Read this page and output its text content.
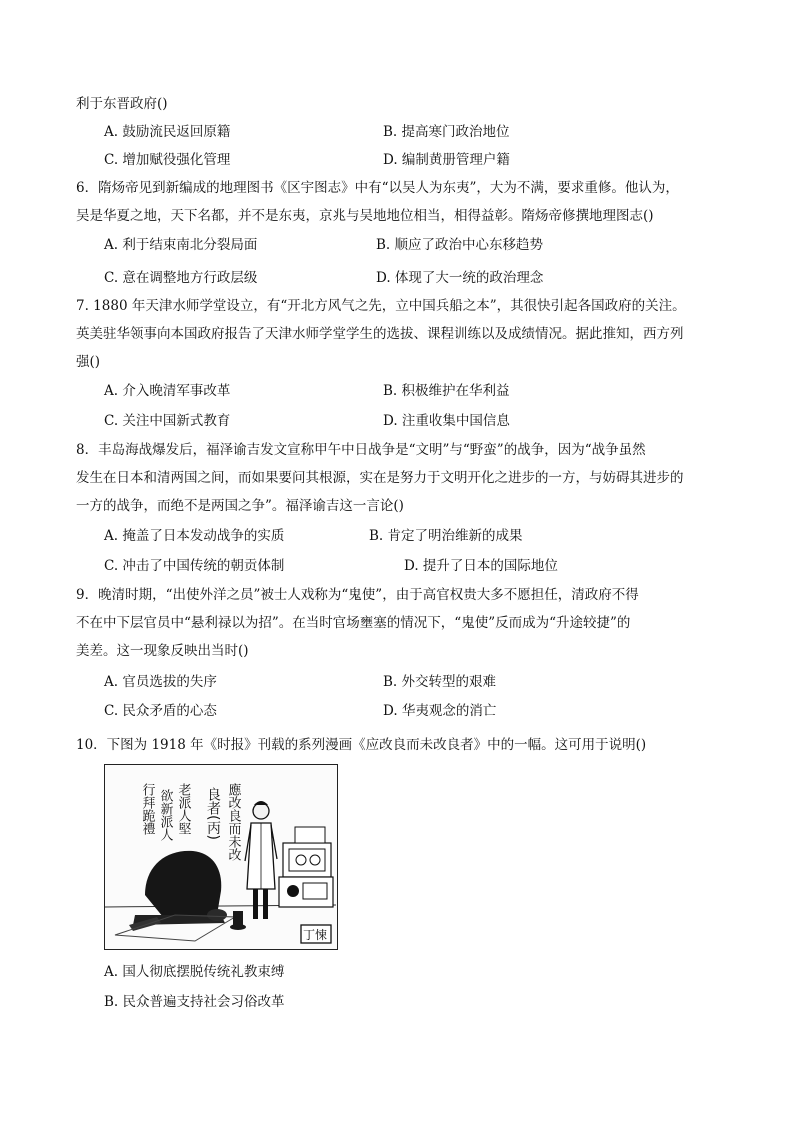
利于东晋政府()
A. 鼓励流民返回原籍	B. 提高寒门政治地位
C. 增加赋役强化管理	D. 编制黄册管理户籍
6．隋炀帝见到新编成的地理图书《区宇图志》中有“以吴人为东夷”，大为不满，要求重修。他认为，
吴是华夏之地，天下名都，并不是东夷，京兆与吴地地位相当，相得益彰。隋炀帝修撰地理图志()
A. 利于结束南北分裂局面	B. 顺应了政治中心东移趋势
C. 意在调整地方行政层级	D. 体现了大一统的政治理念
7. 1880 年天津水师学堂设立，有“开北方风气之先，立中国兵船之本”，其很快引起各国政府的关注。
英美驻华领事向本国政府报告了天津水师学堂学生的选拔、课程训练以及成绩情况。据此推知，西方列
强()
A. 介入晚清军事改革	B. 积极维护在华利益
C. 关注中国新式教育	D. 注重收集中国信息
8．丰岛海战爆发后，福泽谕吉发文宣称甲午中日战争是“文明”与“野蛮”的战争，因为“战争虽然
发生在日本和清两国之间，而如果要问其根源，实在是努力于文明开化之进步的一方，与妨碍其进步的
一方的战争，而绝不是两国之争”。福泽谕吉这一言论()
A. 掩盖了日本发动战争的实质	B. 肯定了明治维新的成果
C. 冲击了中国传统的朝贡体制	D. 提升了日本的国际地位
9．晚清时期，“出使外洋之员”被士人戏称为“鬼使”，由于高官权贵大多不愿担任，清政府不得
不在中下层官员中“悬利禄以为招”。在当时官场壅塞的情况下，“鬼使”反而成为“升途较捷”的
美差。这一现象反映出当时()
A. 官员选拔的失序	B. 外交转型的艰难
C. 民众矛盾的心态	D. 华夷观念的消亡
10．下图为 1918 年《时报》刊载的系列漫画《应改良而未改良者》中的一幅。这可用于说明()
應改良而未改
良者(丙)
老派人堅
欲新派人
行拜跪禮
丁悚
A. 国人彻底摆脱传统礼教束缚
B. 民众普遍支持社会习俗改革
